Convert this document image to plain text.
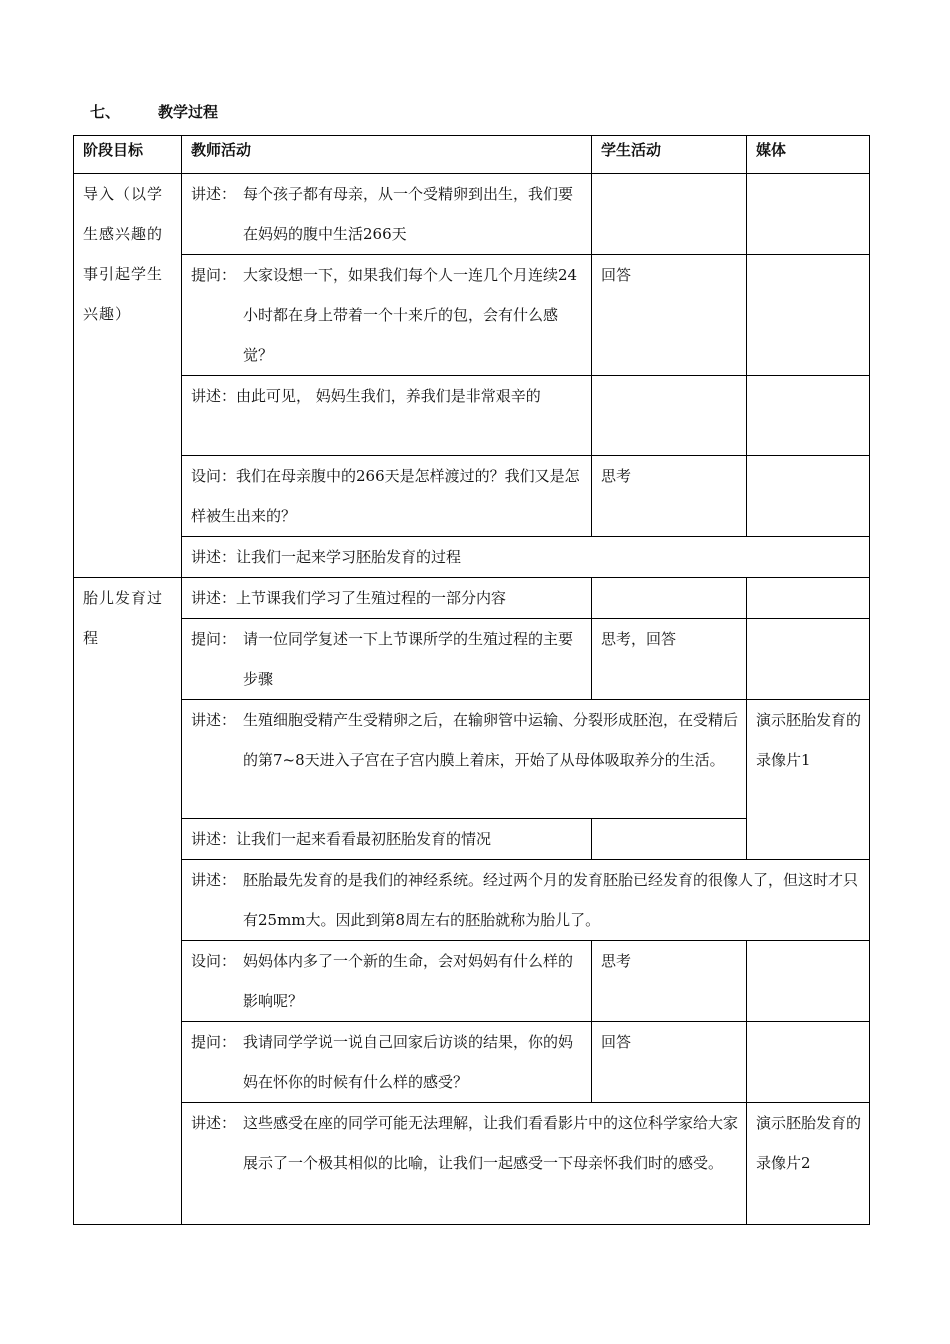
七、	教学过程
阶段目标	教师活动	学生活动	媒体
导入（以学生感兴趣的事引起学生兴趣）	讲述： 每个孩子都有母亲，从一个受精卵到出生，我们要在妈妈的腹中生活266天		

	提问： 大家设想一下，如果我们每个人一连几个月连续24小时都在身上带着一个十来斤的包，会有什么感觉？	回答	
	讲述：由此可见， 妈妈生我们，养我们是非常艰辛的		
	设问：我们在母亲腹中的266天是怎样渡过的？我们又是怎样被生出来的？	思考	
	讲述：让我们一起来学习胚胎发育的过程		
胎儿发育过程	讲述：上节课我们学习了生殖过程的一部分内容		

	提问： 请一位同学复述一下上节课所学的生殖过程的主要步骤	思考，回答	

	讲述： 生殖细胞受精产生受精卵之后，在输卵管中运输、分裂形成胚泡，在受精后的第7~8天进入子宫在子宫内膜上着床，开始了从母体吸取养分的生活。		演示胚胎发育的录像片1
	讲述：让我们一起来看看最初胚胎发育的情况		

	讲述： 胚胎最先发育的是我们的神经系统。经过两个月的发育胚胎已经发育的很像人了，但这时才只有25mm大。因此到第8周左右的胚胎就称为胎儿了。		

	设问： 妈妈体内多了一个新的生命，会对妈妈有什么样的影响呢？	思考	

	提问： 我请同学学说一说自己回家后访谈的结果，你的妈妈在怀你的时候有什么样的感受？	回答	

	讲述： 这些感受在座的同学可能无法理解，让我们看看影片中的这位科学家给大家展示了一个极其相似的比喻，让我们一起感受一下母亲怀我们时的感受。		演示胚胎发育的录像片2
